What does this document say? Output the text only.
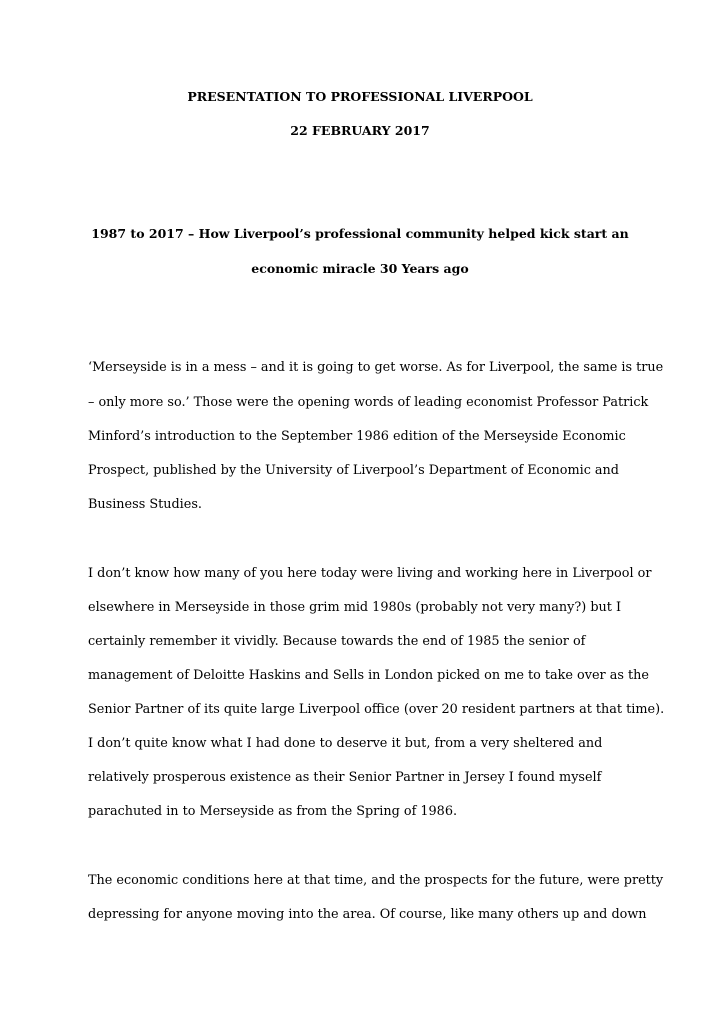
PRESENTATION TO PROFESSIONAL LIVERPOOL
22 FEBRUARY 2017
1987 to 2017 – How Liverpool’s professional community helped kick start an
economic miracle 30 Years ago
‘Merseyside is in a mess – and it is going to get worse. As for Liverpool, the same is true
– only more so.’ Those were the opening words of leading economist Professor Patrick
Minford’s introduction to the September 1986 edition of the Merseyside Economic
Prospect, published by the University of Liverpool’s Department of Economic and
Business Studies.
I don’t know how many of you here today were living and working here in Liverpool or
elsewhere in Merseyside in those grim mid 1980s (probably not very many?) but I
certainly remember it vividly. Because towards the end of 1985 the senior of
management of Deloitte Haskins and Sells in London picked on me to take over as the
Senior Partner of its quite large Liverpool office (over 20 resident partners at that time).
I don’t quite know what I had done to deserve it but, from a very sheltered and
relatively prosperous existence as their Senior Partner in Jersey I found myself
parachuted in to Merseyside as from the Spring of 1986.
The economic conditions here at that time, and the prospects for the future, were pretty
depressing for anyone moving into the area. Of course, like many others up and down
